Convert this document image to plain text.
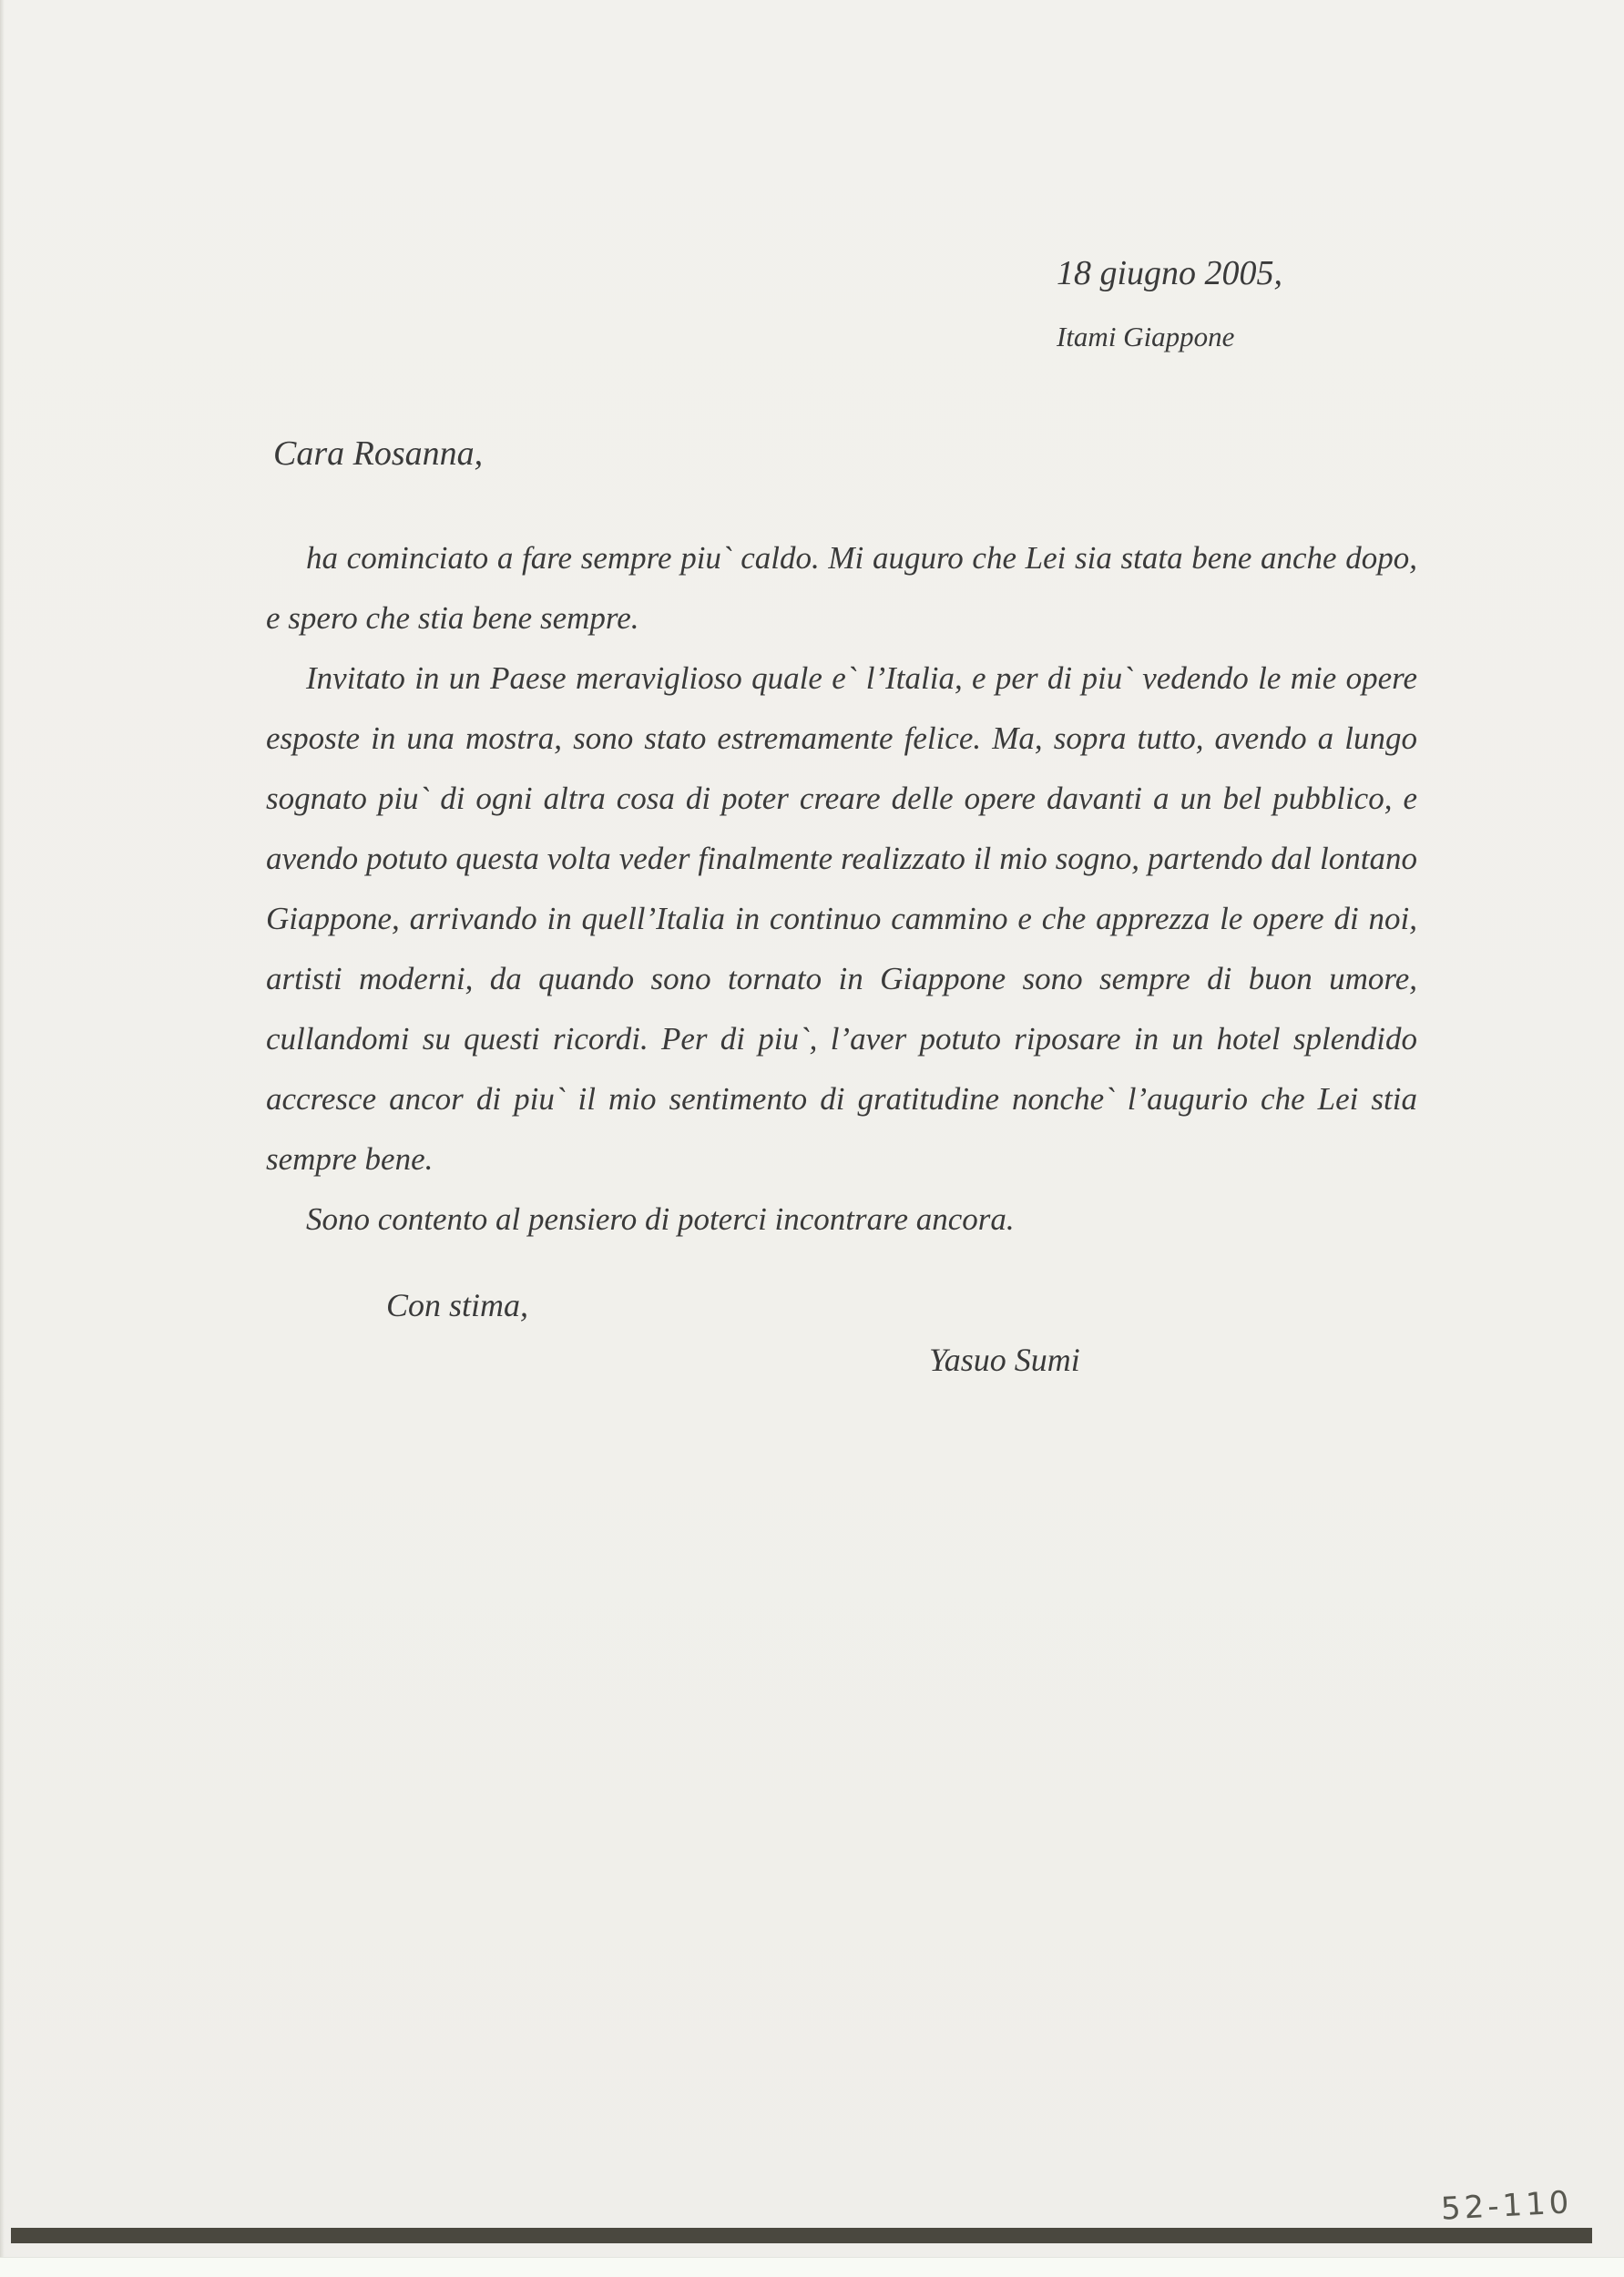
18 giugno 2005,
Itami Giappone
Cara Rosanna,

ha cominciato a fare sempre piu` caldo. Mi auguro che Lei sia stata bene anche dopo, e spero che stia bene sempre.

Invitato in un Paese meraviglioso quale e` l’Italia, e per di piu` vedendo le mie opere esposte in una mostra, sono stato estremamente felice. Ma, sopra tutto, avendo a lungo sognato piu` di ogni altra cosa di poter creare delle opere davanti a un bel pubblico, e avendo potuto questa volta veder finalmente realizzato il mio sogno, partendo dal lontano Giappone, arrivando in quell’Italia in continuo cammino e che apprezza le opere di noi, artisti moderni, da quando sono tornato in Giappone sono sempre di buon umore, cullandomi su questi ricordi. Per di piu`, l’aver potuto riposare in un hotel splendido accresce ancor di piu` il mio sentimento di gratitudine nonche` l’augurio che Lei stia sempre bene.

Sono contento al pensiero di poterci incontrare ancora.

Con stima,
Yasuo Sumi
52-110
